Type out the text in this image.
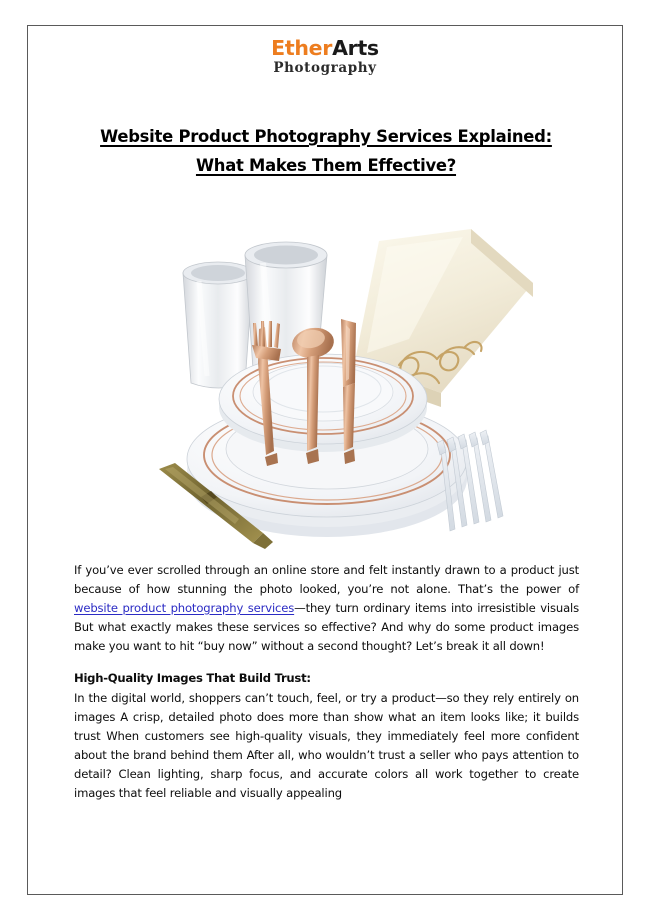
EtherArts
Photography
Website Product Photography Services Explained:
What Makes Them Effective?

If you’ve ever scrolled through an online store and felt instantly drawn to a product just because of how stunning the photo looked, you’re not alone. That’s the power of website product photography services—they turn ordinary items into irresistible visuals But what exactly makes these services so effective? And why do some product images make you want to hit “buy now” without a second thought? Let’s break it all down!

High-Quality Images That Build Trust:
In the digital world, shoppers can’t touch, feel, or try a product—so they rely entirely on images A crisp, detailed photo does more than show what an item looks like; it builds trust When customers see high-quality visuals, they immediately feel more confident about the brand behind them After all, who wouldn’t trust a seller who pays attention to detail? Clean lighting, sharp focus, and accurate colors all work together to create images that feel reliable and visually appealing
